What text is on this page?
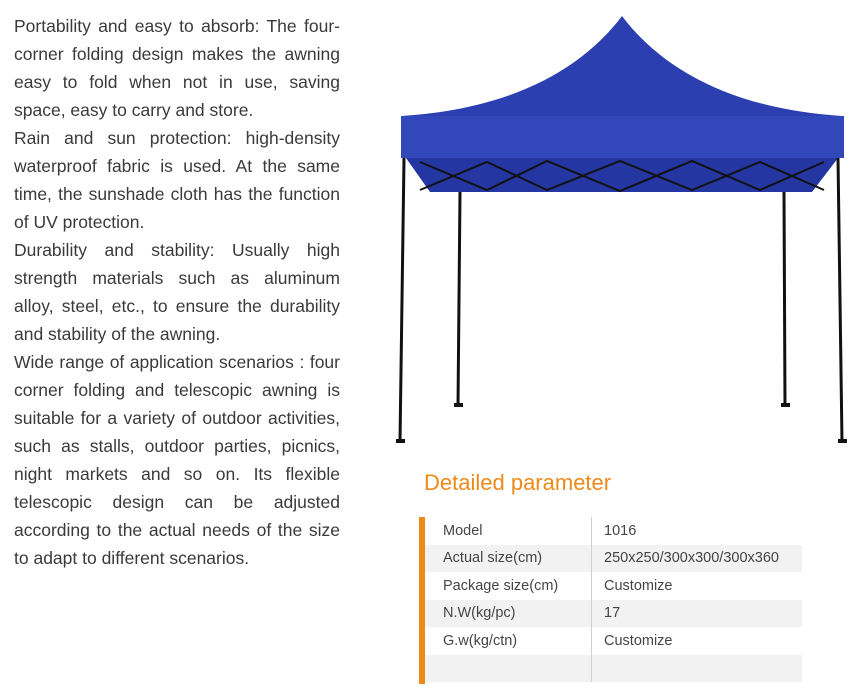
Portability and easy to absorb: The four-corner folding design makes the awning easy to fold when not in use, saving space, easy to carry and store.

Rain and sun protection: high-density waterproof fabric is used. At the same time, the sunshade cloth has the function of UV protection.

Durability and stability: Usually high strength materials such as aluminum alloy, steel, etc., to ensure the durability and stability of the awning.

Wide range of application scenarios : four corner folding and telescopic awning is suitable for a variety of outdoor activities, such as stalls, outdoor parties, picnics, night markets and so on. Its flexible telescopic design can be adjusted according to the actual needs of the size to adapt to different scenarios.

Detailed parameter
Model	1016
Actual size(cm)	250x250/300x300/300x360
Package size(cm)	Customize
N.W(kg/pc)	17
G.w(kg/ctn)	Customize
